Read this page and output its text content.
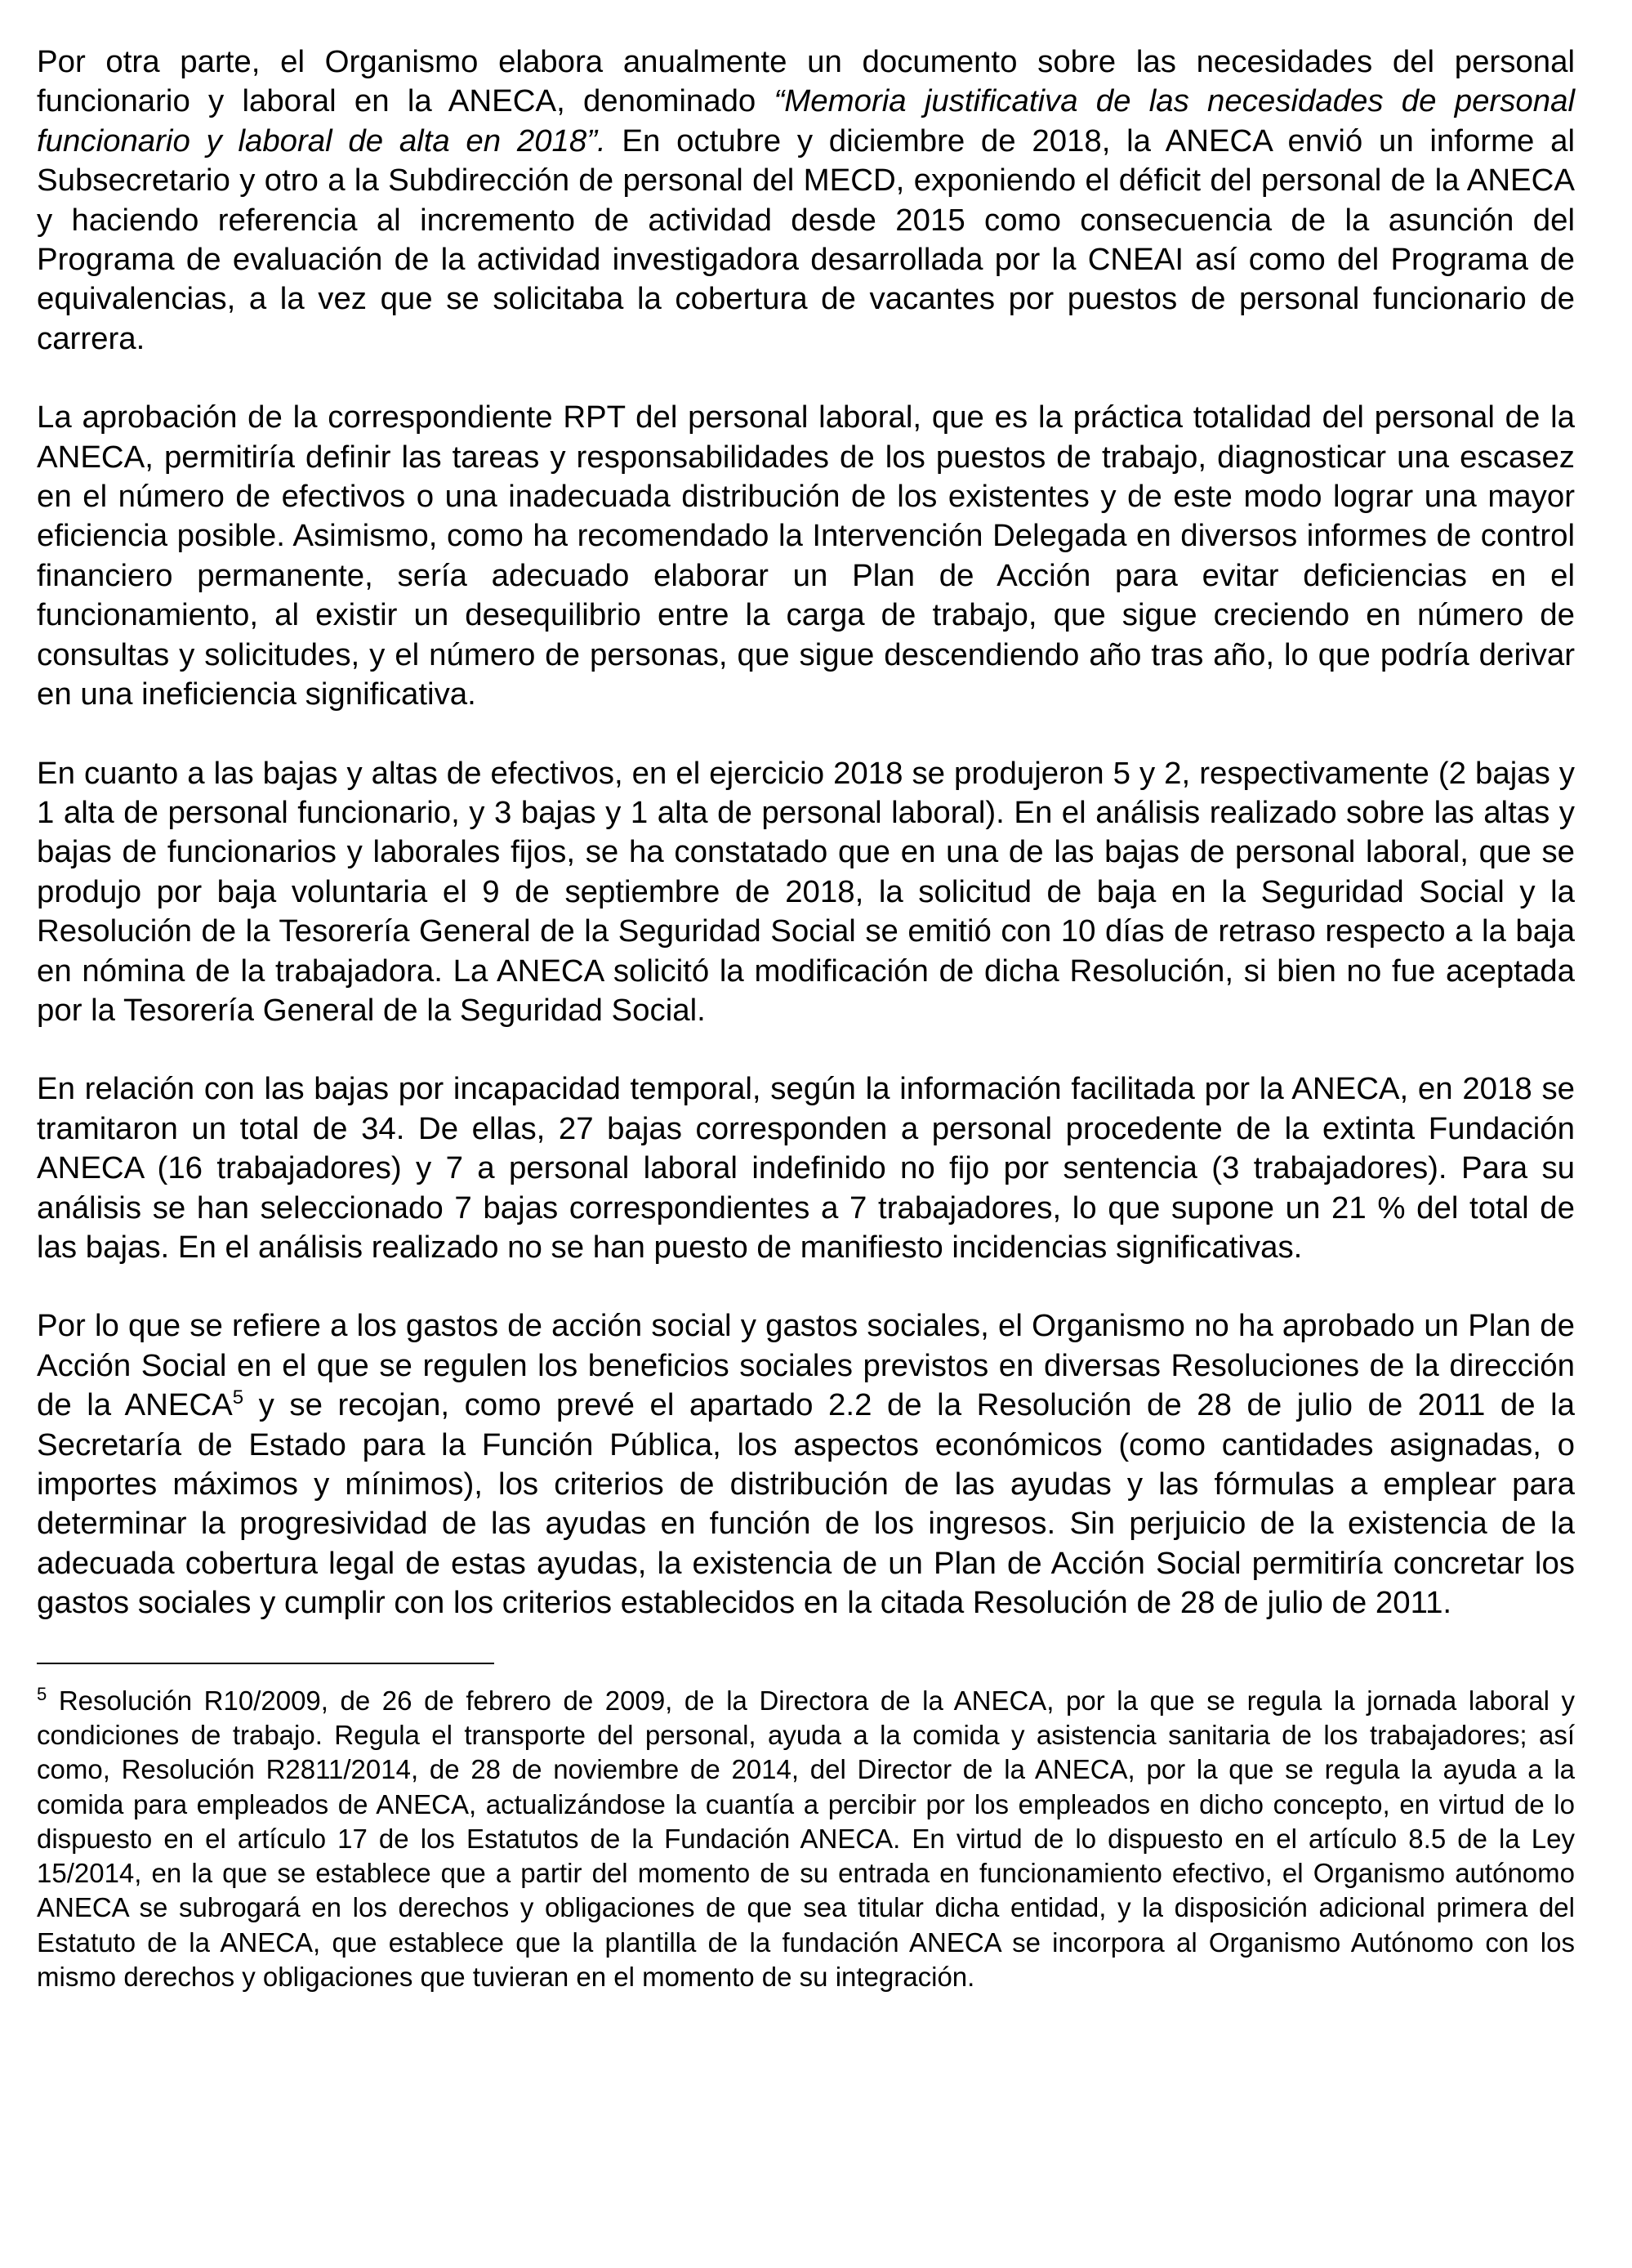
Por otra parte, el Organismo elabora anualmente un documento sobre las necesidades del personal funcionario y laboral en la ANECA, denominado “Memoria justificativa de las necesidades de personal funcionario y laboral de alta en 2018”. En octubre y diciembre de 2018, la ANECA envió un informe al Subsecretario y otro a la Subdirección de personal del MECD, exponiendo el déficit del personal de la ANECA y haciendo referencia al incremento de actividad desde 2015 como consecuencia de la asunción del Programa de evaluación de la actividad investigadora desarrollada por la CNEAI así como del Programa de equivalencias, a la vez que se solicitaba la cobertura de vacantes por puestos de personal funcionario de carrera.

La aprobación de la correspondiente RPT del personal laboral, que es la práctica totalidad del personal de la ANECA, permitiría definir las tareas y responsabilidades de los puestos de trabajo, diagnosticar una escasez en el número de efectivos o una inadecuada distribución de los existentes y de este modo lograr una mayor eficiencia posible. Asimismo, como ha recomendado la Intervención Delegada en diversos informes de control financiero permanente, sería adecuado elaborar un Plan de Acción para evitar deficiencias en el funcionamiento, al existir un desequilibrio entre la carga de trabajo, que sigue creciendo en número de consultas y solicitudes, y el número de personas, que sigue descendiendo año tras año, lo que podría derivar en una ineficiencia significativa.

En cuanto a las bajas y altas de efectivos, en el ejercicio 2018 se produjeron 5 y 2, respectivamente (2 bajas y 1 alta de personal funcionario, y 3 bajas y 1 alta de personal laboral). En el análisis realizado sobre las altas y bajas de funcionarios y laborales fijos, se ha constatado que en una de las bajas de personal laboral, que se produjo por baja voluntaria el 9 de septiembre de 2018, la solicitud de baja en la Seguridad Social y la Resolución de la Tesorería General de la Seguridad Social se emitió con 10 días de retraso respecto a la baja en nómina de la trabajadora. La ANECA solicitó la modificación de dicha Resolución, si bien no fue aceptada por la Tesorería General de la Seguridad Social.

En relación con las bajas por incapacidad temporal, según la información facilitada por la ANECA, en 2018 se tramitaron un total de 34. De ellas, 27 bajas corresponden a personal procedente de la extinta Fundación ANECA (16 trabajadores) y 7 a personal laboral indefinido no fijo por sentencia (3 trabajadores). Para su análisis se han seleccionado 7 bajas correspondientes a 7 trabajadores, lo que supone un 21 % del total de las bajas. En el análisis realizado no se han puesto de manifiesto incidencias significativas.

Por lo que se refiere a los gastos de acción social y gastos sociales, el Organismo no ha aprobado un Plan de Acción Social en el que se regulen los beneficios sociales previstos en diversas Resoluciones de la dirección de la ANECA$^5$ y se recojan, como prevé el apartado 2.2 de la Resolución de 28 de julio de 2011 de la Secretaría de Estado para la Función Pública, los aspectos económicos (como cantidades asignadas, o importes máximos y mínimos), los criterios de distribución de las ayudas y las fórmulas a emplear para determinar la progresividad de las ayudas en función de los ingresos. Sin perjuicio de la existencia de la adecuada cobertura legal de estas ayudas, la existencia de un Plan de Acción Social permitiría concretar los gastos sociales y cumplir con los criterios establecidos en la citada Resolución de 28 de julio de 2011.

$^5$ Resolución R10/2009, de 26 de febrero de 2009, de la Directora de la ANECA, por la que se regula la jornada laboral y condiciones de trabajo. Regula el transporte del personal, ayuda a la comida y asistencia sanitaria de los trabajadores; así como, Resolución R2811/2014, de 28 de noviembre de 2014, del Director de la ANECA, por la que se regula la ayuda a la comida para empleados de ANECA, actualizándose la cuantía a percibir por los empleados en dicho concepto, en virtud de lo dispuesto en el artículo 17 de los Estatutos de la Fundación ANECA. En virtud de lo dispuesto en el artículo 8.5 de la Ley 15/2014, en la que se establece que a partir del momento de su entrada en funcionamiento efectivo, el Organismo autónomo ANECA se subrogará en los derechos y obligaciones de que sea titular dicha entidad, y la disposición adicional primera del Estatuto de la ANECA, que establece que la plantilla de la fundación ANECA se incorpora al Organismo Autónomo con los mismo derechos y obligaciones que tuvieran en el momento de su integración.
